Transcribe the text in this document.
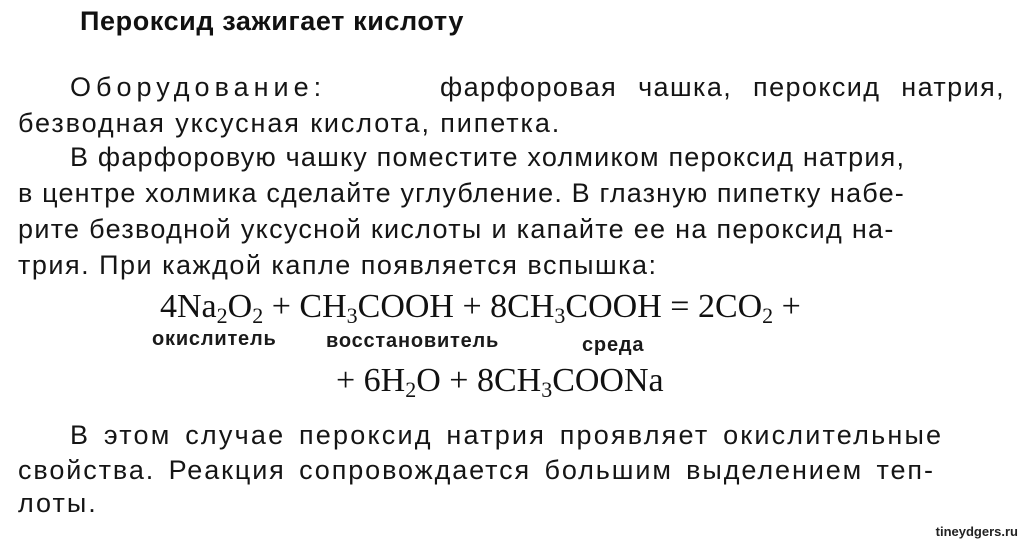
Пероксид зажигает кислоту
Оборудование:	фарфоровая чашка, пероксид натрия,
безводная уксусная кислота, пипетка.
В фарфоровую чашку поместите холмиком пероксид натрия,
в центре холмика сделайте углубление. В глазную пипетку набе-
рите безводной уксусной кислоты и капайте ее на пероксид на-
трия. При каждой капле появляется вспышка:
$4Na_2O_2$ + $CH_3COOH$ + $8CH_3COOH = 2CO_2$ +
окислитель восстановитель	среда
+ $6H_2O$ + $8CH_3COONa$
В этом случае пероксид натрия проявляет окислительные
свойства. Реакция сопровождается большим выделением теп-
лоты.
tineydgers.ru
